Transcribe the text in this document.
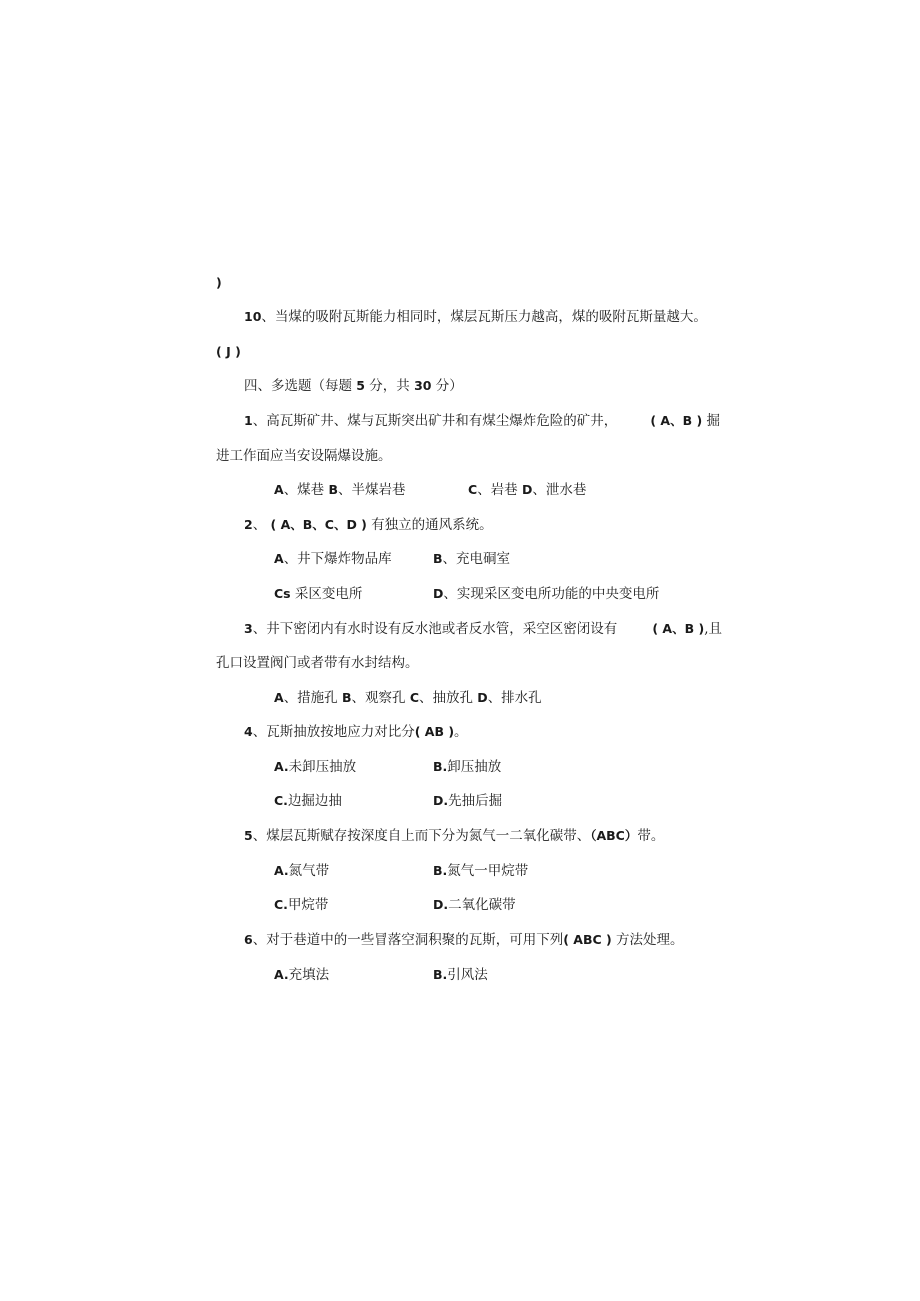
)
10、当煤的吸附瓦斯能力相同时，煤层瓦斯压力越高，煤的吸附瓦斯量越大。
( J )
四、多选题（每题 5 分，共 30 分）
1、高瓦斯矿井、煤与瓦斯突出矿井和有煤尘爆炸危险的矿井，	( A、B ) 掘
进工作面应当安设隔爆设施。
A、煤巷 B、半煤岩巷	C、岩巷 D、泄水巷
2、 ( A、B、C、D ) 有独立的通风系统。
A、井下爆炸物品库	B、充电硐室
Cs 采区变电所	D、实现采区变电所功能的中央变电所
3、井下密闭内有水时设有反水池或者反水管，采空区密闭设有	( A、B ),且
孔口设置阀门或者带有水封结构。
A、措施孔 B、观察孔 C、抽放孔 D、排水孔
4、瓦斯抽放按地应力对比分( AB )。
A.未卸压抽放	B.卸压抽放
C.边掘边抽	D.先抽后掘
5、煤层瓦斯赋存按深度自上而下分为氮气一二氧化碳带、（ABC）带。
A.氮气带	B.氮气一甲烷带
C.甲烷带	D.二氧化碳带
6、对于巷道中的一些冒落空洞积聚的瓦斯，可用下列( ABC ) 方法处理。
A.充填法	B.引风法
